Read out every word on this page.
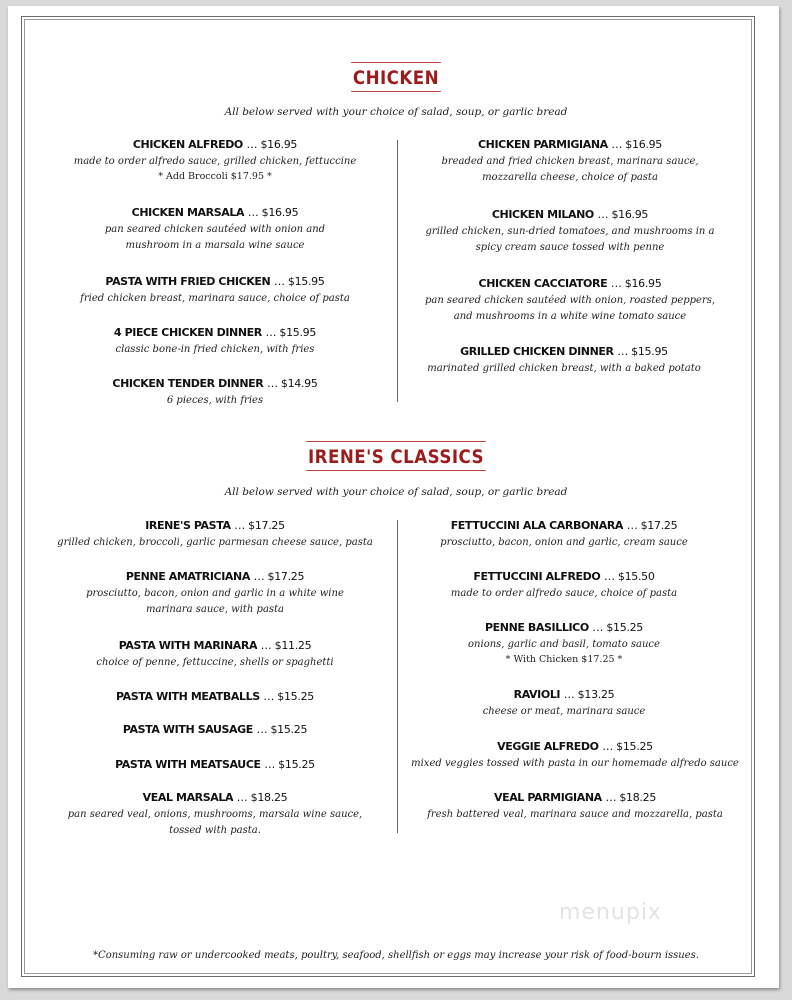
CHICKEN
All below served with your choice of salad, soup, or garlic bread
CHICKEN ALFREDO … $16.95
made to order alfredo sauce, grilled chicken, fettuccine
* Add Broccoli $17.95 *
CHICKEN MARSALA … $16.95
pan seared chicken sautéed with onion and mushroom in a marsala wine sauce
PASTA WITH FRIED CHICKEN … $15.95
fried chicken breast, marinara sauce, choice of pasta
4 PIECE CHICKEN DINNER … $15.95
classic bone-in fried chicken, with fries
CHICKEN TENDER DINNER … $14.95
6 pieces, with fries
CHICKEN PARMIGIANA … $16.95
breaded and fried chicken breast, marinara sauce, mozzarella cheese, choice of pasta
CHICKEN MILANO … $16.95
grilled chicken, sun-dried tomatoes, and mushrooms in a spicy cream sauce tossed with penne
CHICKEN CACCIATORE … $16.95
pan seared chicken sautéed with onion, roasted peppers, and mushrooms in a white wine tomato sauce
GRILLED CHICKEN DINNER … $15.95
marinated grilled chicken breast, with a baked potato
IRENE'S CLASSICS
All below served with your choice of salad, soup, or garlic bread
IRENE'S PASTA … $17.25
grilled chicken, broccoli, garlic parmesan cheese sauce, pasta
PENNE AMATRICIANA … $17.25
prosciutto, bacon, onion and garlic in a white wine marinara sauce, with pasta
PASTA WITH MARINARA … $11.25
choice of penne, fettuccine, shells or spaghetti
PASTA WITH MEATBALLS … $15.25
PASTA WITH SAUSAGE … $15.25
PASTA WITH MEATSAUCE … $15.25
VEAL MARSALA … $18.25
pan seared veal, onions, mushrooms, marsala wine sauce, tossed with pasta.
FETTUCCINI ALA CARBONARA … $17.25
prosciutto, bacon, onion and garlic, cream sauce
FETTUCCINI ALFREDO … $15.50
made to order alfredo sauce, choice of pasta
PENNE BASILLICO … $15.25
onions, garlic and basil, tomato sauce
* With Chicken $17.25 *
RAVIOLI … $13.25
cheese or meat, marinara sauce
VEGGIE ALFREDO … $15.25
mixed veggies tossed with pasta in our homemade alfredo sauce
VEAL PARMIGIANA … $18.25
fresh battered veal, marinara sauce and mozzarella, pasta
menupix
*Consuming raw or undercooked meats, poultry, seafood, shellfish or eggs may increase your risk of food-bourn issues.
